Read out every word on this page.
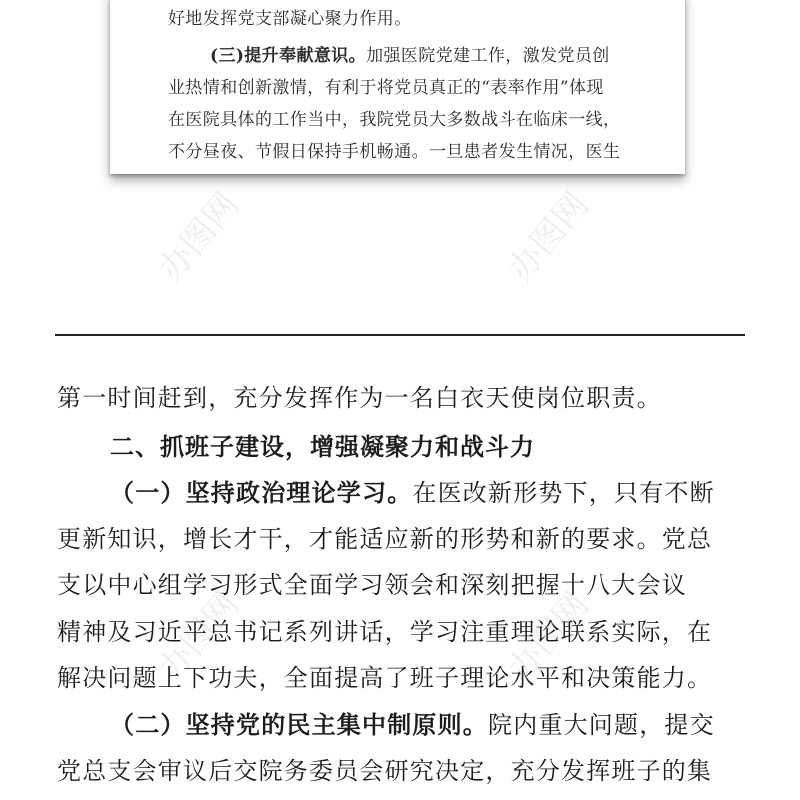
好地发挥党支部凝心聚力作用。
(三)提升奉献意识。加强医院党建工作，激发党员创
业热情和创新激情，有利于将党员真正的“表率作用”体现
在医院具体的工作当中，我院党员大多数战斗在临床一线，
不分昼夜、节假日保持手机畅通。一旦患者发生情况，医生
办图网	办图网
办图网	办图网
第一时间赶到，充分发挥作为一名白衣天使岗位职责。
二、抓班子建设，增强凝聚力和战斗力
（一）坚持政治理论学习。在医改新形势下，只有不断
更新知识，增长才干，才能适应新的形势和新的要求。党总
支以中心组学习形式全面学习领会和深刻把握十八大会议
精神及习近平总书记系列讲话，学习注重理论联系实际，在
解决问题上下功夫，全面提高了班子理论水平和决策能力。
（二）坚持党的民主集中制原则。院内重大问题，提交
党总支会审议后交院务委员会研究决定，充分发挥班子的集
